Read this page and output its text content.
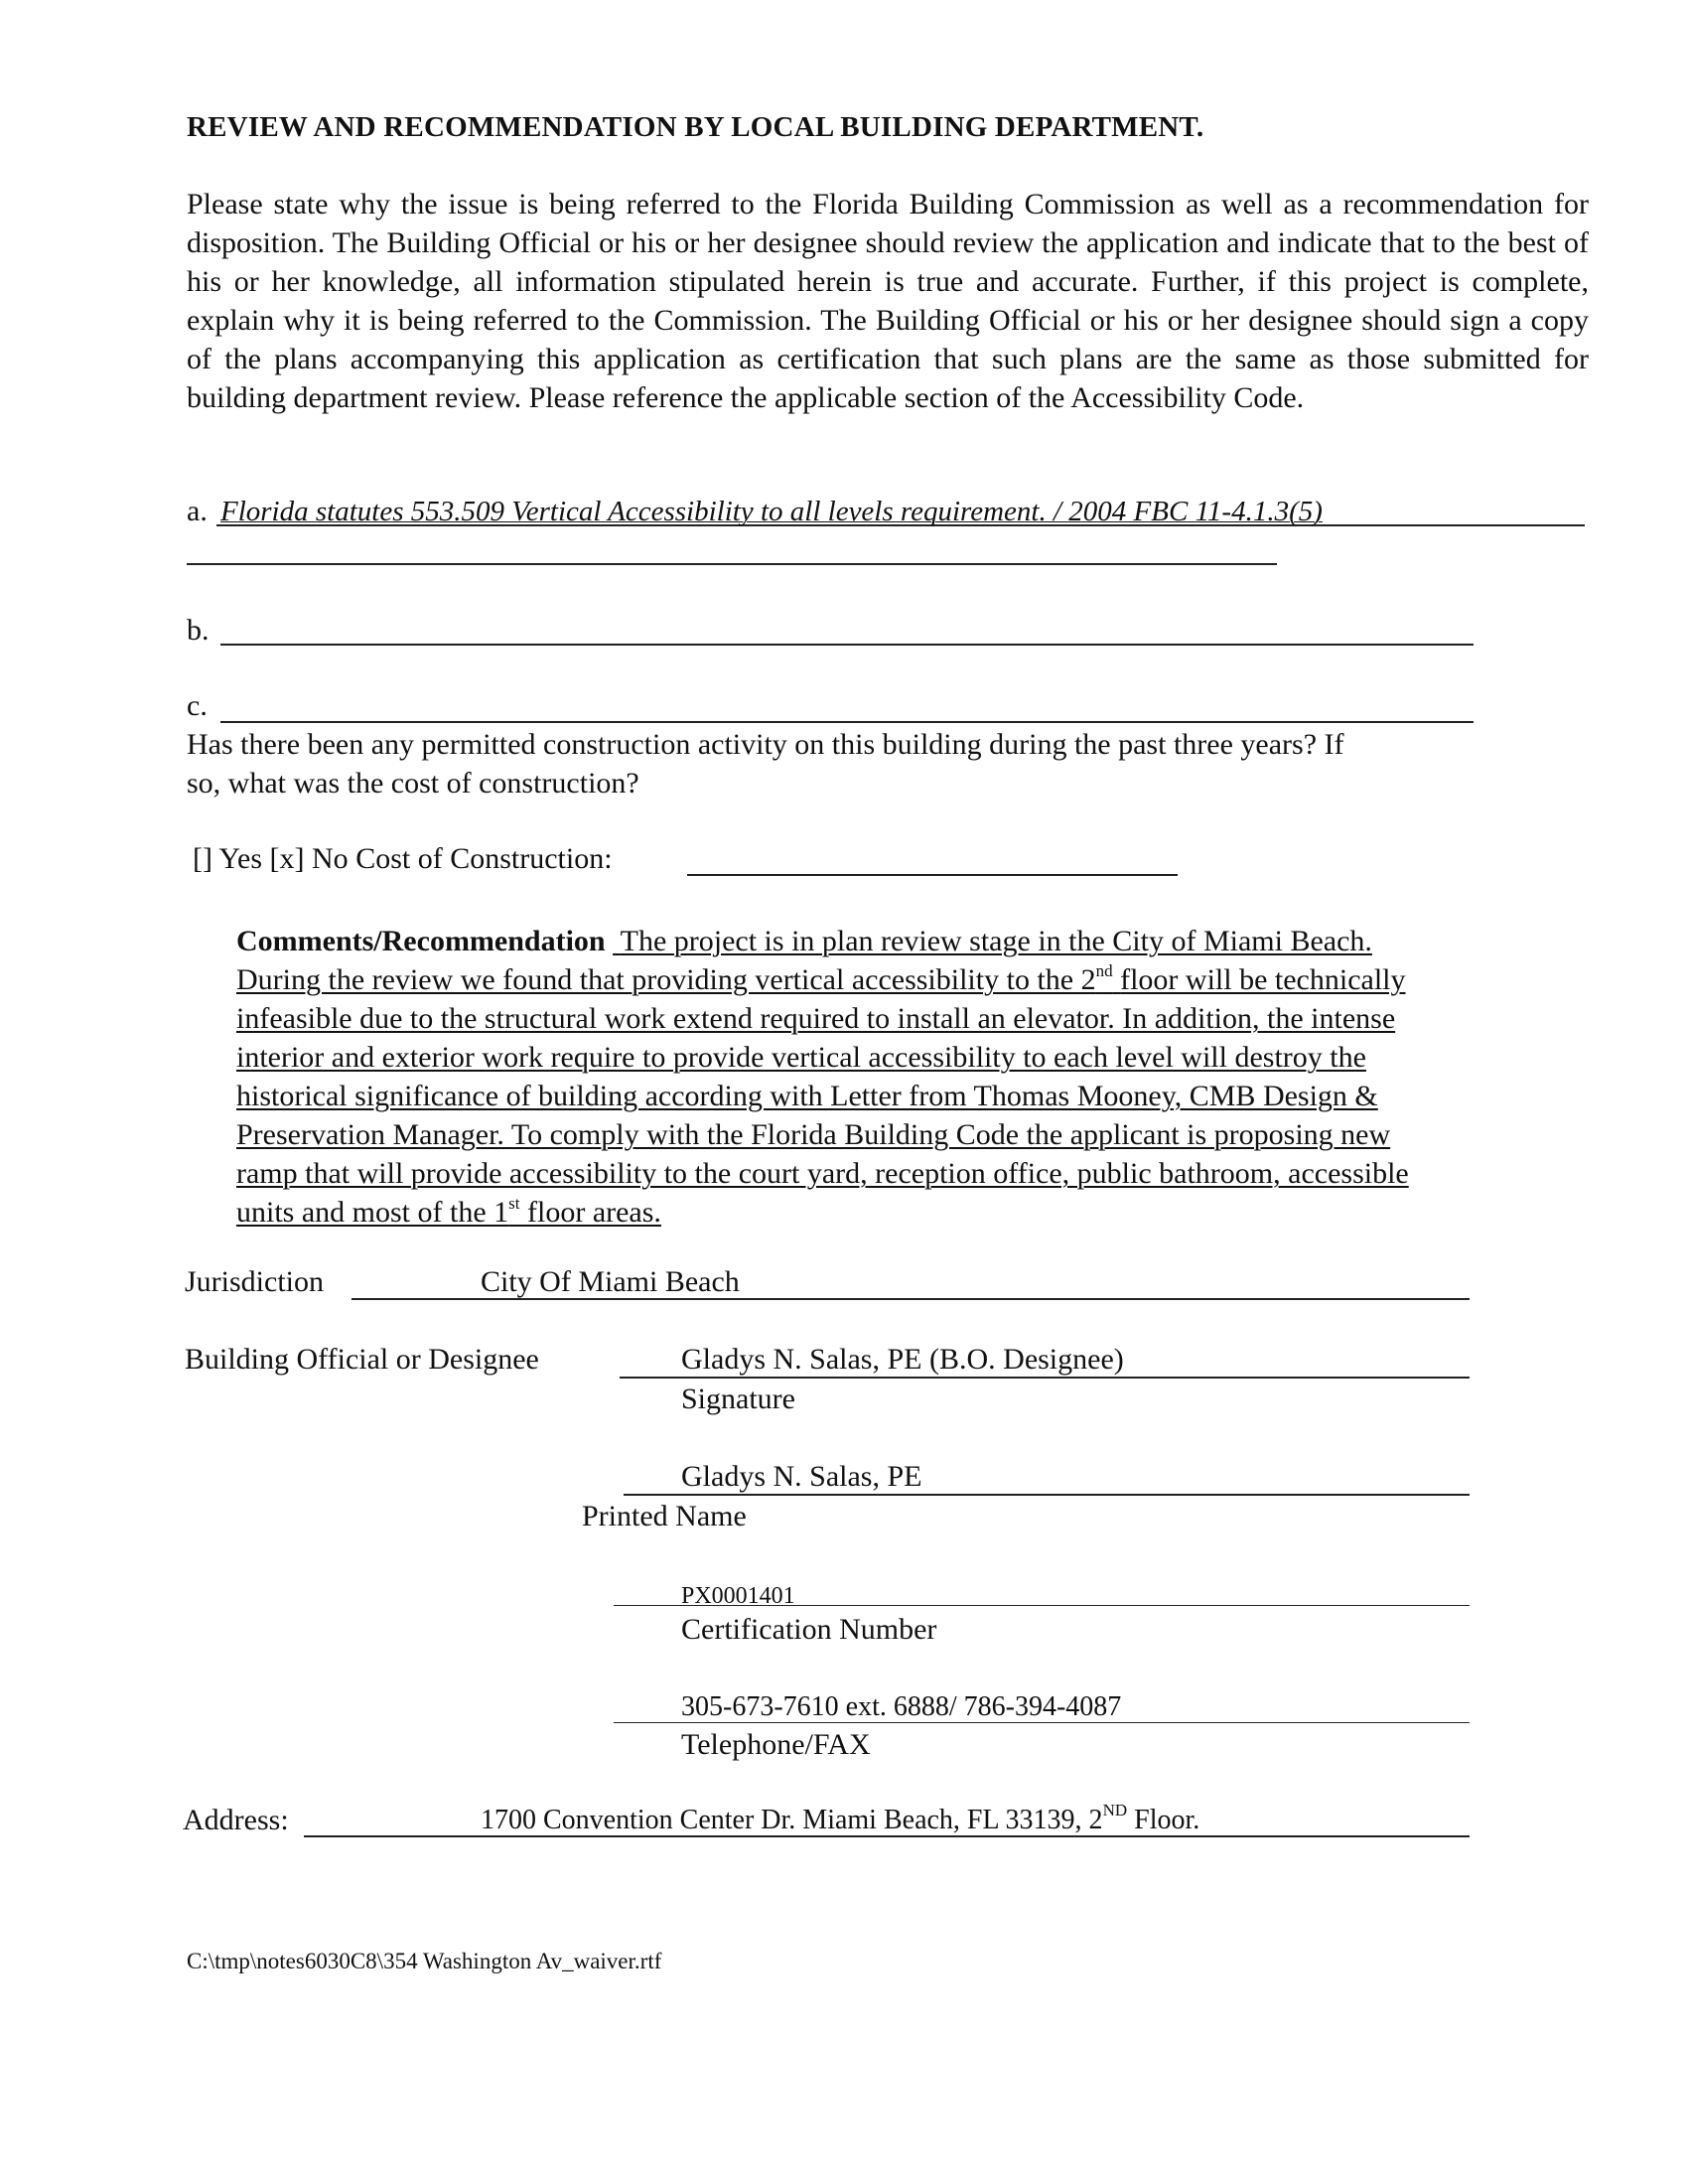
REVIEW AND RECOMMENDATION BY LOCAL BUILDING DEPARTMENT.
Please state why the issue is being referred to the Florida Building Commission as well as a recommendation for disposition. The Building Official or his or her designee should review the application and indicate that to the best of his or her knowledge, all information stipulated herein is true and accurate. Further, if this project is complete, explain why it is being referred to the Commission. The Building Official or his or her designee should sign a copy of the plans accompanying this application as certification that such plans are the same as those submitted for building department review. Please reference the applicable section of the Accessibility Code.
a. Florida statutes 553.509 Vertical Accessibility to all levels requirement. / 2004 FBC 11-4.1.3(5)
b.
c.
Has there been any permitted construction activity on this building during the past three years? If
so, what was the cost of construction?
[] Yes [x] No Cost of Construction:
Comments/Recommendation The project is in plan review stage in the City of Miami Beach.
During the review we found that providing vertical accessibility to the 2nd floor will be technically
infeasible due to the structural work extend required to install an elevator. In addition, the intense
interior and exterior work require to provide vertical accessibility to each level will destroy the
historical significance of building according with Letter from Thomas Mooney, CMB Design &
Preservation Manager. To comply with the Florida Building Code the applicant is proposing new
ramp that will provide accessibility to the court yard, reception office, public bathroom, accessible
units and most of the 1st floor areas.
Jurisdiction	City Of Miami Beach
Building Official or Designee	Gladys N. Salas, PE (B.O. Designee)
Signature
Gladys N. Salas, PE
Printed Name
PX0001401
Certification Number
305-673-7610 ext. 6888/ 786-394-4087
Telephone/FAX
Address:	1700 Convention Center Dr. Miami Beach, FL 33139, 2ND Floor.
C:\tmp\notes6030C8\354 Washington Av_waiver.rtf
